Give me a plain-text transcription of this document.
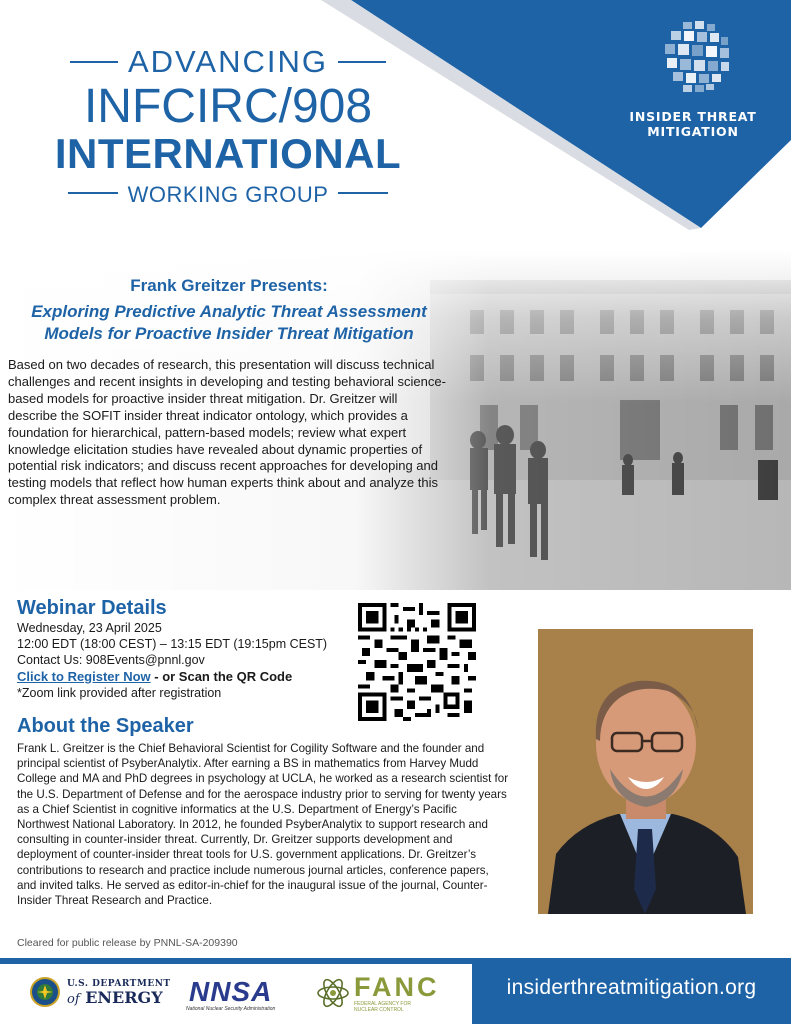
ADVANCING
INFCIRC/908
INTERNATIONAL
WORKING GROUP
INSIDER THREAT
MITIGATION
Frank Greitzer Presents:
Exploring Predictive Analytic Threat Assessment
Models for Proactive Insider Threat Mitigation
Based on two decades of research, this presentation will discuss technical challenges and recent insights in developing and testing behavioral science-based models for proactive insider threat mitigation. Dr. Greitzer will describe the SOFIT insider threat indicator ontology, which provides a foundation for hierarchical, pattern-based models; review what expert knowledge elicitation studies have revealed about dynamic properties of potential risk indicators; and discuss recent approaches for developing and testing models that reflect how human experts think about and analyze this complex threat assessment problem.
Webinar Details
Wednesday, 23 April 2025
12:00 EDT (18:00 CEST) – 13:15 EDT (19:15pm CEST)
Contact Us: 908Events@pnnl.gov
Click to Register Now - or Scan the QR Code
*Zoom link provided after registration
About the Speaker
Frank L. Greitzer is the Chief Behavioral Scientist for Cogility Software and the founder and principal scientist of PsyberAnalytix. After earning a BS in mathematics from Harvey Mudd College and MA and PhD degrees in psychology at UCLA, he worked as a research scientist for the U.S. Department of Defense and for the aerospace industry prior to serving for twenty years as a Chief Scientist in cognitive informatics at the U.S. Department of Energy’s Pacific Northwest National Laboratory. In 2012, he founded PsyberAnalytix to support research and consulting in counter-insider threat. Currently, Dr. Greitzer supports development and deployment of counter-insider threat tools for U.S. government applications. Dr. Greitzer’s contributions to research and practice include numerous journal articles, conference papers, and invited talks. He served as editor-in-chief for the inaugural issue of the journal, Counter-Insider Threat Research and Practice.
Cleared for public release by PNNL-SA-209390
insiderthreatmitigation.org
U.S. DEPARTMENT
of ENERGY NNSA
National Nuclear Security Administration
FANC
FEDERAL AGENCY FOR
NUCLEAR CONTROL
